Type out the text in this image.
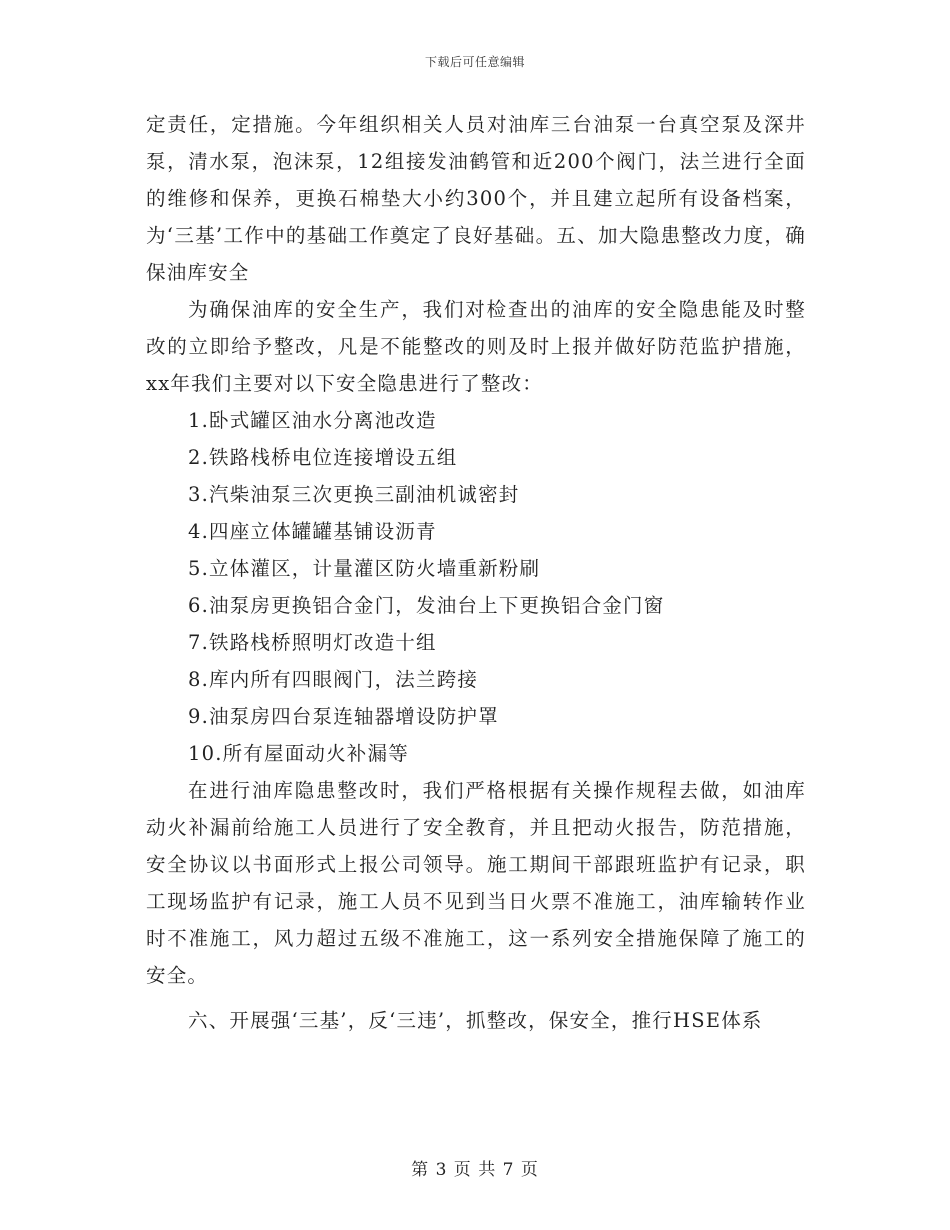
下载后可任意编辑

定责任，定措施。今年组织相关人员对油库三台油泵一台真空泵及深井泵，清水泵，泡沫泵，12组接发油鹤管和近200个阀门，法兰进行全面的维修和保养，更换石棉垫大小约300个，并且建立起所有设备档案，为‘三基’工作中的基础工作奠定了良好基础。五、加大隐患整改力度，确保油库安全

为确保油库的安全生产，我们对检查出的油库的安全隐患能及时整改的立即给予整改，凡是不能整改的则及时上报并做好防范监护措施，xx年我们主要对以下安全隐患进行了整改：

1.卧式罐区油水分离池改造

2.铁路栈桥电位连接增设五组

3.汽柴油泵三次更换三副油机诚密封

4.四座立体罐罐基铺设沥青

5.立体灌区，计量灌区防火墙重新粉刷

6.油泵房更换铝合金门，发油台上下更换铝合金门窗

7.铁路栈桥照明灯改造十组

8.库内所有四眼阀门，法兰跨接

9.油泵房四台泵连轴器增设防护罩

10.所有屋面动火补漏等

在进行油库隐患整改时，我们严格根据有关操作规程去做，如油库动火补漏前给施工人员进行了安全教育，并且把动火报告，防范措施，安全协议以书面形式上报公司领导。施工期间干部跟班监护有记录，职工现场监护有记录，施工人员不见到当日火票不准施工，油库输转作业时不准施工，风力超过五级不准施工，这一系列安全措施保障了施工的安全。

六、开展强‘三基’，反‘三违’，抓整改，保安全，推行HSE体系

第 3 页 共 7 页
